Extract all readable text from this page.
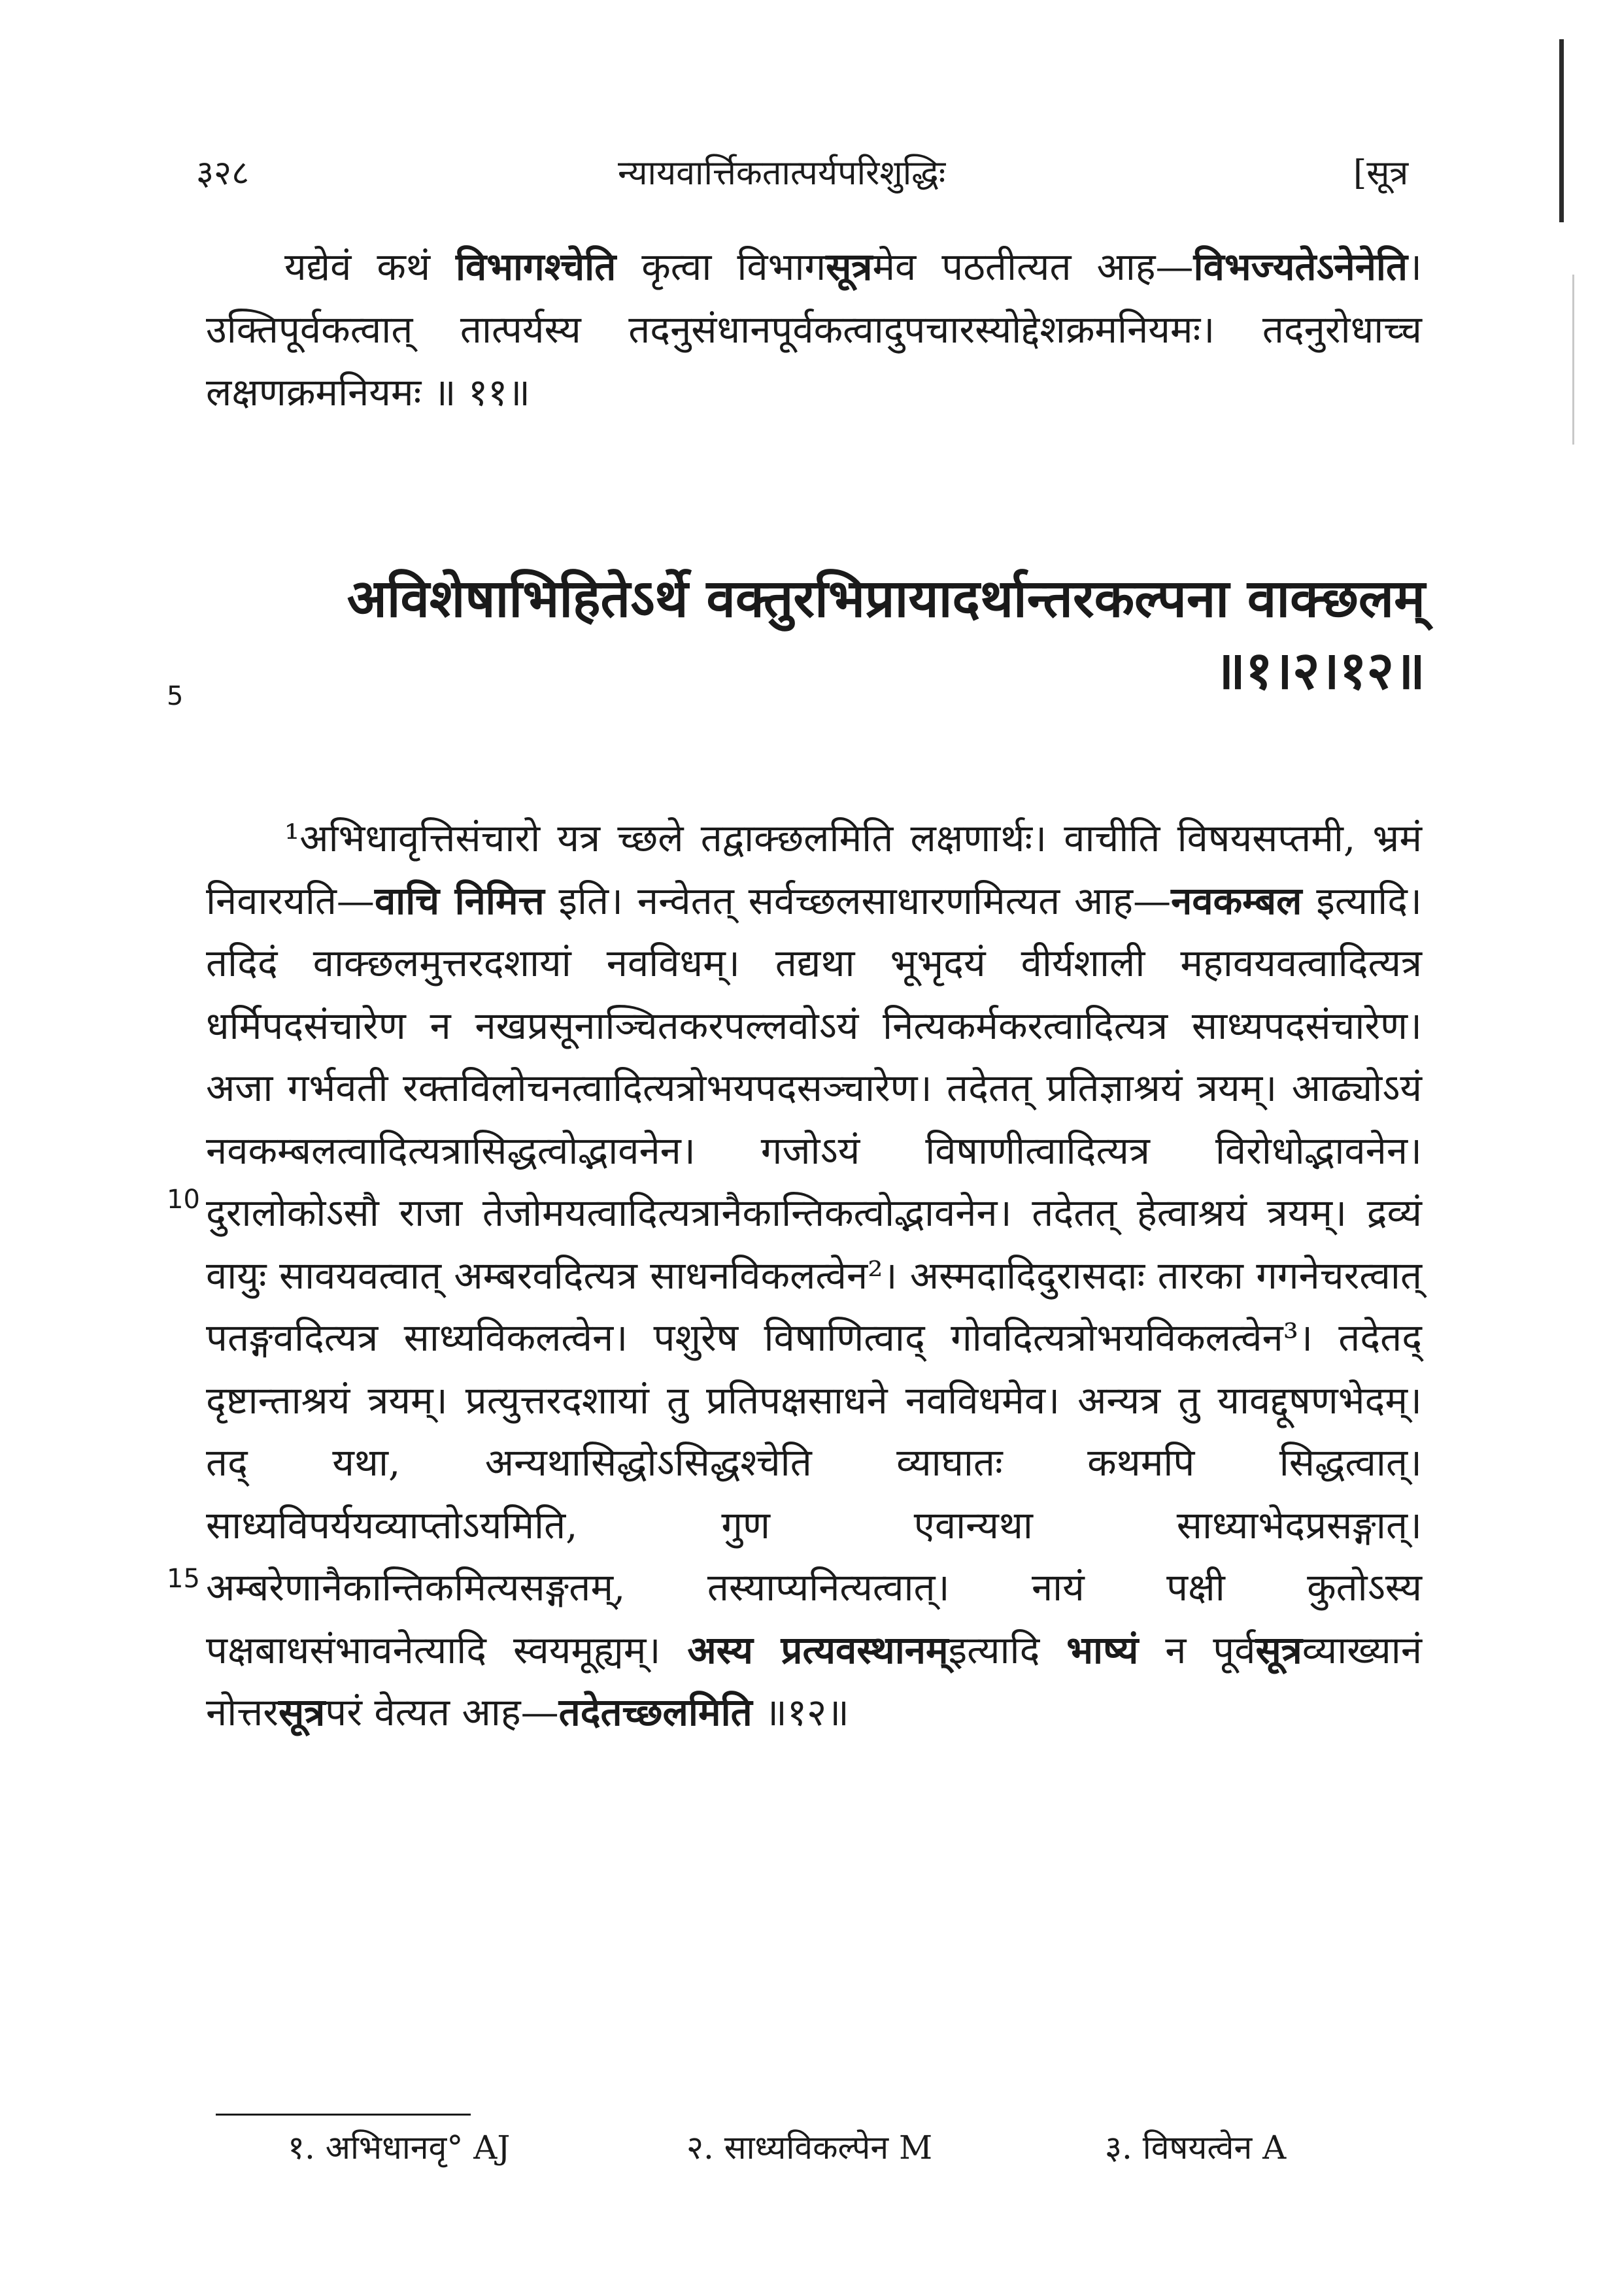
३२८	न्यायवार्त्तिकतात्पर्यपरिशुद्धिः	[सूत्र

यद्येवं कथं विभागश्चेति कृत्वा विभागसूत्रमेव पठतीत्यत आह—विभज्यतेऽनेनेति। उक्तिपूर्वकत्वात् तात्पर्यस्य तदनुसंधानपूर्वकत्वादुपचारस्योद्देशक्रमनियमः। तदनुरोधाच्च लक्षणक्रमनियमः ॥ ११॥

अविशेषाभिहितेऽर्थे वक्तुरभिप्रायादर्थान्तरकल्पना वाक्छलम्
॥१।२।१२॥
5
10
15

¹अभिधावृत्तिसंचारो यत्र च्छले तद्वाक्छलमिति लक्षणार्थः। वाचीति विषयसप्तमी, भ्रमं निवारयति—वाचि निमित्त इति। नन्वेतत् सर्वच्छलसाधारणमित्यत आह—नवकम्बल इत्यादि। तदिदं वाक्छलमुत्तरदशायां नवविधम्। तद्यथा भूभृदयं वीर्यशाली महावयवत्वादित्यत्र धर्मिपदसंचारेण न नखप्रसूनाञ्चितकरपल्लवोऽयं नित्यकर्मकरत्वादित्यत्र साध्यपदसंचारेण। अजा गर्भवती रक्तविलोचनत्वादित्यत्रोभयपदसञ्चारेण। तदेतत् प्रतिज्ञाश्रयं त्रयम्। आढ्योऽयं नवकम्बलत्वादित्यत्रासिद्धत्वोद्भावनेन। गजोऽयं विषाणीत्वादित्यत्र विरोधोद्भावनेन। दुरालोकोऽसौ राजा तेजोमयत्वादित्यत्रानैकान्तिकत्वोद्भावनेन। तदेतत् हेत्वाश्रयं त्रयम्। द्रव्यं वायुः सावयवत्वात् अम्बरवदित्यत्र साधनविकलत्वेन²। अस्मदादिदुरासदाः तारका गगनेचरत्वात् पतङ्गवदित्यत्र साध्यविकलत्वेन। पशुरेष विषाणित्वाद् गोवदित्यत्रोभयविकलत्वेन³। तदेतद् दृष्टान्ताश्रयं त्रयम्। प्रत्युत्तरदशायां तु प्रतिपक्षसाधने नवविधमेव। अन्यत्र तु यावद्दूषणभेदम्। तद् यथा, अन्यथासिद्धोऽसिद्धश्चेति व्याघातः कथमपि सिद्धत्वात्। साध्यविपर्ययव्याप्तोऽयमिति, गुण एवान्यथा साध्याभेदप्रसङ्गात्। अम्बरेणानैकान्तिकमित्यसङ्गतम्, तस्याप्यनित्यत्वात्। नायं पक्षी कुतोऽस्य पक्षबाधसंभावनेत्यादि स्वयमूह्यम्। अस्य प्रत्यवस्थानम्इत्यादि भाष्यं न पूर्वसूत्रव्याख्यानं नोत्तरसूत्रपरं वेत्यत आह—तदेतच्छलमिति ॥१२॥

१. अभिधानवृ° AJ	२. साध्यविकल्पेन M	३. विषयत्वेन A
